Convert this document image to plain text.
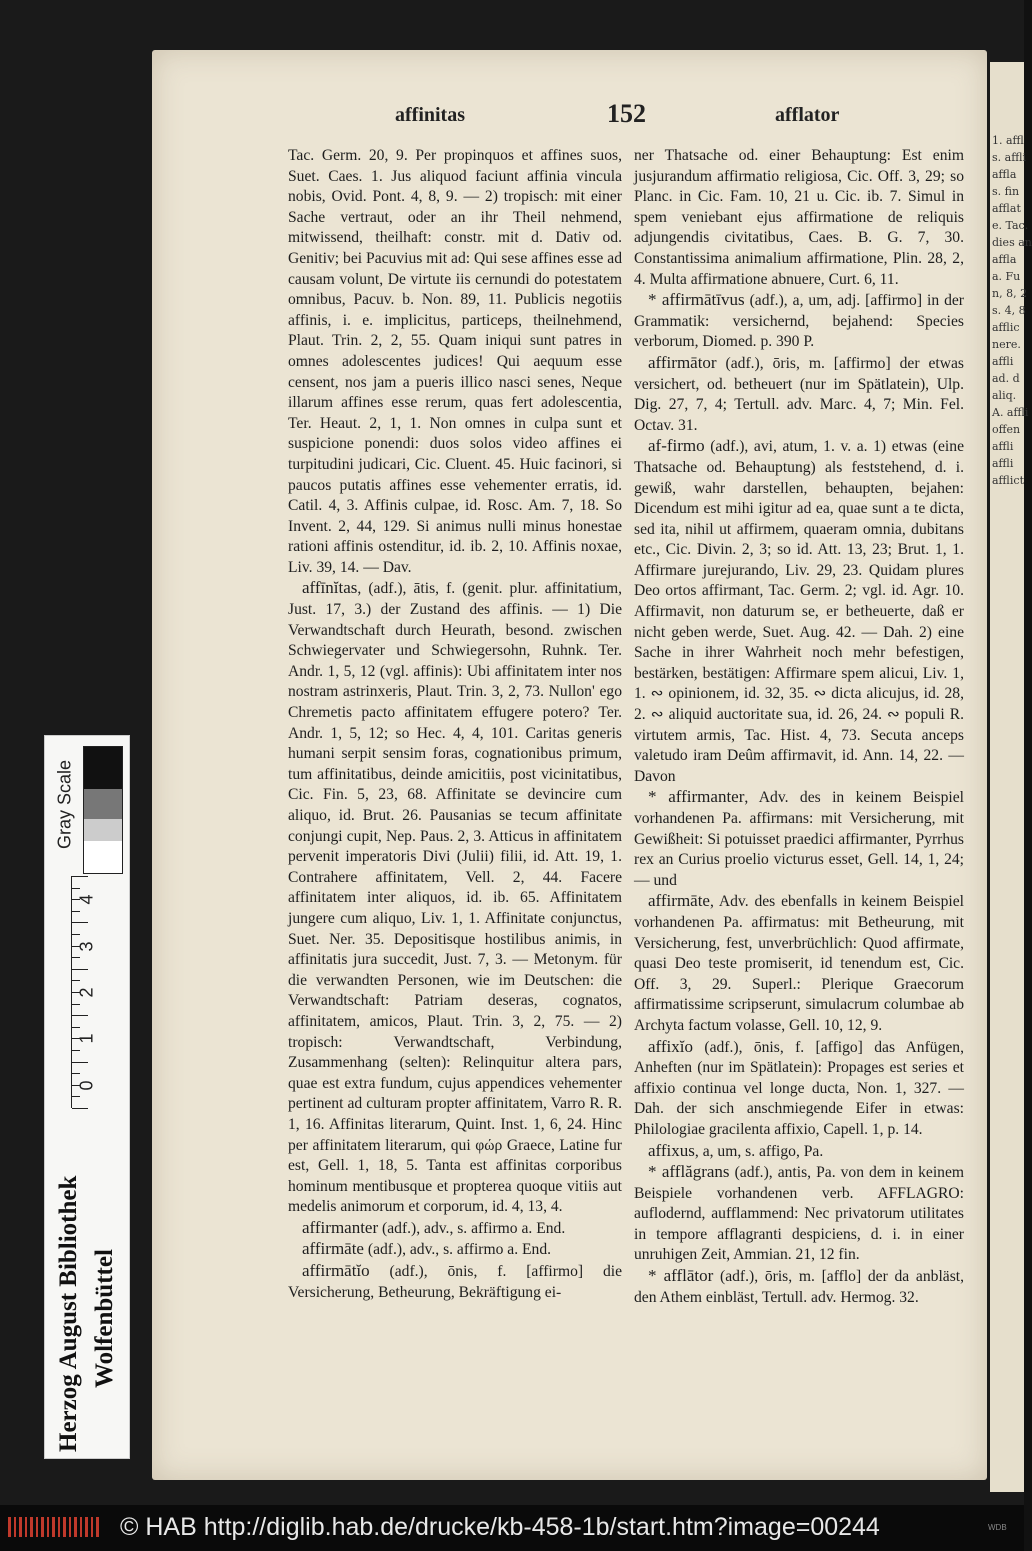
1. affl
s. affli
affla
s. fin
afflat
e. Tac.
dies an
affla
a. Fu
n, 8, 2
s. 4, 8
afflic
nere.
affli
ad. d
aliq.
A. affli
offen
affli
affli
afflict
affinitas	152	afflator

Tac. Germ. 20, 9. Per propinquos et affines suos, Suet. Caes. 1. Jus aliquod faciunt affinia vincula nobis, Ovid. Pont. 4, 8, 9. — 2) tropisch: mit einer Sache vertraut, oder an ihr Theil nehmend, mitwissend, theilhaft: constr. mit d. Dativ od. Genitiv; bei Pacuvius mit ad: Qui sese affines esse ad causam volunt, De virtute iis cernundi do potestatem omnibus, Pacuv. b. Non. 89, 11. Publicis negotiis affinis, i. e. implicitus, particeps, theilnehmend, Plaut. Trin. 2, 2, 55. Quam iniqui sunt patres in omnes adolescentes judices! Qui aequum esse censent, nos jam a pueris illico nasci senes, Neque illarum affines esse rerum, quas fert adolescentia, Ter. Heaut. 2, 1, 1. Non omnes in culpa sunt et suspicione ponendi: duos solos video affines ei turpitudini judicari, Cic. Cluent. 45. Huic facinori, si paucos putatis affines esse vehementer erratis, id. Catil. 4, 3. Affinis culpae, id. Rosc. Am. 7, 18. So Invent. 2, 44, 129. Si animus nulli minus honestae rationi affinis ostenditur, id. ib. 2, 10. Affinis noxae, Liv. 39, 14. — Dav.

affīnĭtas, (adf.), ātis, f. (genit. plur. affinitatium, Just. 17, 3.) der Zustand des affinis. — 1) Die Verwandtschaft durch Heurath, besond. zwischen Schwiegervater und Schwiegersohn, Ruhnk. Ter. Andr. 1, 5, 12 (vgl. affinis): Ubi affinitatem inter nos nostram astrinxeris, Plaut. Trin. 3, 2, 73. Nullon' ego Chremetis pacto affinitatem effugere potero? Ter. Andr. 1, 5, 12; so Hec. 4, 4, 101. Caritas generis humani serpit sensim foras, cognationibus primum, tum affinitatibus, deinde amicitiis, post vicinitatibus, Cic. Fin. 5, 23, 68. Affinitate se devincire cum aliquo, id. Brut. 26. Pausanias se tecum affinitate conjungi cupit, Nep. Paus. 2, 3. Atticus in affinitatem pervenit imperatoris Divi (Julii) filii, id. Att. 19, 1. Contrahere affinitatem, Vell. 2, 44. Facere affinitatem inter aliquos, id. ib. 65. Affinitatem jungere cum aliquo, Liv. 1, 1. Affinitate conjunctus, Suet. Ner. 35. Depositisque hostilibus animis, in affinitatis jura succedit, Just. 7, 3. — Metonym. für die verwandten Personen, wie im Deutschen: die Verwandtschaft: Patriam deseras, cognatos, affinitatem, amicos, Plaut. Trin. 3, 2, 75. — 2) tropisch: Verwandtschaft, Verbindung, Zusammenhang (selten): Relinquitur altera pars, quae est extra fundum, cujus appendices vehementer pertinent ad culturam propter affinitatem, Varro R. R. 1, 16. Affinitas literarum, Quint. Inst. 1, 6, 24. Hinc per affinitatem literarum, qui φώρ Graece, Latine fur est, Gell. 1, 18, 5. Tanta est affinitas corporibus hominum mentibusque et propterea quoque vitiis aut medelis animorum et corporum, id. 4, 13, 4.

affirmanter (adf.), adv., s. affirmo a. End.

affirmāte (adf.), adv., s. affirmo a. End.

affirmātĭo (adf.), ōnis, f. [affirmo] die Versicherung, Betheurung, Bekräftigung ei-

ner Thatsache od. einer Behauptung: Est enim jusjurandum affirmatio religiosa, Cic. Off. 3, 29; so Planc. in Cic. Fam. 10, 21 u. Cic. ib. 7. Simul in spem veniebant ejus affirmatione de reliquis adjungendis civitatibus, Caes. B. G. 7, 30. Constantissima animalium affirmatione, Plin. 28, 2, 4. Multa affirmatione abnuere, Curt. 6, 11.

* affirmātīvus (adf.), a, um, adj. [affirmo] in der Grammatik: versichernd, bejahend: Species verborum, Diomed. p. 390 P.

affirmātor (adf.), ōris, m. [affirmo] der etwas versichert, od. betheuert (nur im Spätlatein), Ulp. Dig. 27, 7, 4; Tertull. adv. Marc. 4, 7; Min. Fel. Octav. 31.

af-firmo (adf.), avi, atum, 1. v. a. 1) etwas (eine Thatsache od. Behauptung) als feststehend, d. i. gewiß, wahr darstellen, behaupten, bejahen: Dicendum est mihi igitur ad ea, quae sunt a te dicta, sed ita, nihil ut affirmem, quaeram omnia, dubitans etc., Cic. Divin. 2, 3; so id. Att. 13, 23; Brut. 1, 1. Affirmare jurejurando, Liv. 29, 23. Quidam plures Deo ortos affirmant, Tac. Germ. 2; vgl. id. Agr. 10. Affirmavit, non daturum se, er betheuerte, daß er nicht geben werde, Suet. Aug. 42. — Dah. 2) eine Sache in ihrer Wahrheit noch mehr befestigen, bestärken, bestätigen: Affirmare spem alicui, Liv. 1, 1. ∾ opinionem, id. 32, 35. ∾ dicta alicujus, id. 28, 2. ∾ aliquid auctoritate sua, id. 26, 24. ∾ populi R. virtutem armis, Tac. Hist. 4, 73. Secuta anceps valetudo iram Deûm affirmavit, id. Ann. 14, 22. — Davon

* affirmanter, Adv. des in keinem Beispiel vorhandenen Pa. affirmans: mit Versicherung, mit Gewißheit: Si potuisset praedici affirmanter, Pyrrhus rex an Curius proelio victurus esset, Gell. 14, 1, 24; — und

affirmāte, Adv. des ebenfalls in keinem Beispiel vorhandenen Pa. affirmatus: mit Betheurung, mit Versicherung, fest, unverbrüchlich: Quod affirmate, quasi Deo teste promiserit, id tenendum est, Cic. Off. 3, 29. Superl.: Plerique Graecorum affirmatissime scripserunt, simulacrum columbae ab Archyta factum volasse, Gell. 10, 12, 9.

affixĭo (adf.), ōnis, f. [affigo] das Anfügen, Anheften (nur im Spätlatein): Propages est series et affixio continua vel longe ducta, Non. 1, 327. — Dah. der sich anschmiegende Eifer in etwas: Philologiae gracilenta affixio, Capell. 1, p. 14.

affixus, a, um, s. affigo, Pa.

* afflăgrans (adf.), antis, Pa. von dem in keinem Beispiele vorhandenen verb. AFFLAGRO: auflodernd, aufflammend: Nec privatorum utilitates in tempore afflagranti despiciens, d. i. in einer unruhigen Zeit, Ammian. 21, 12 fin.

* afflātor (adf.), ōris, m. [afflo] der da anbläst, den Athem einbläst, Tertull. adv. Hermog. 32.

Gray Scale
4
3
2
1
0
Herzog August Bibliothek Wolfenbüttel
© HAB http://diglib.hab.de/drucke/kb-458-1b/start.htm?image=00244	WDB
